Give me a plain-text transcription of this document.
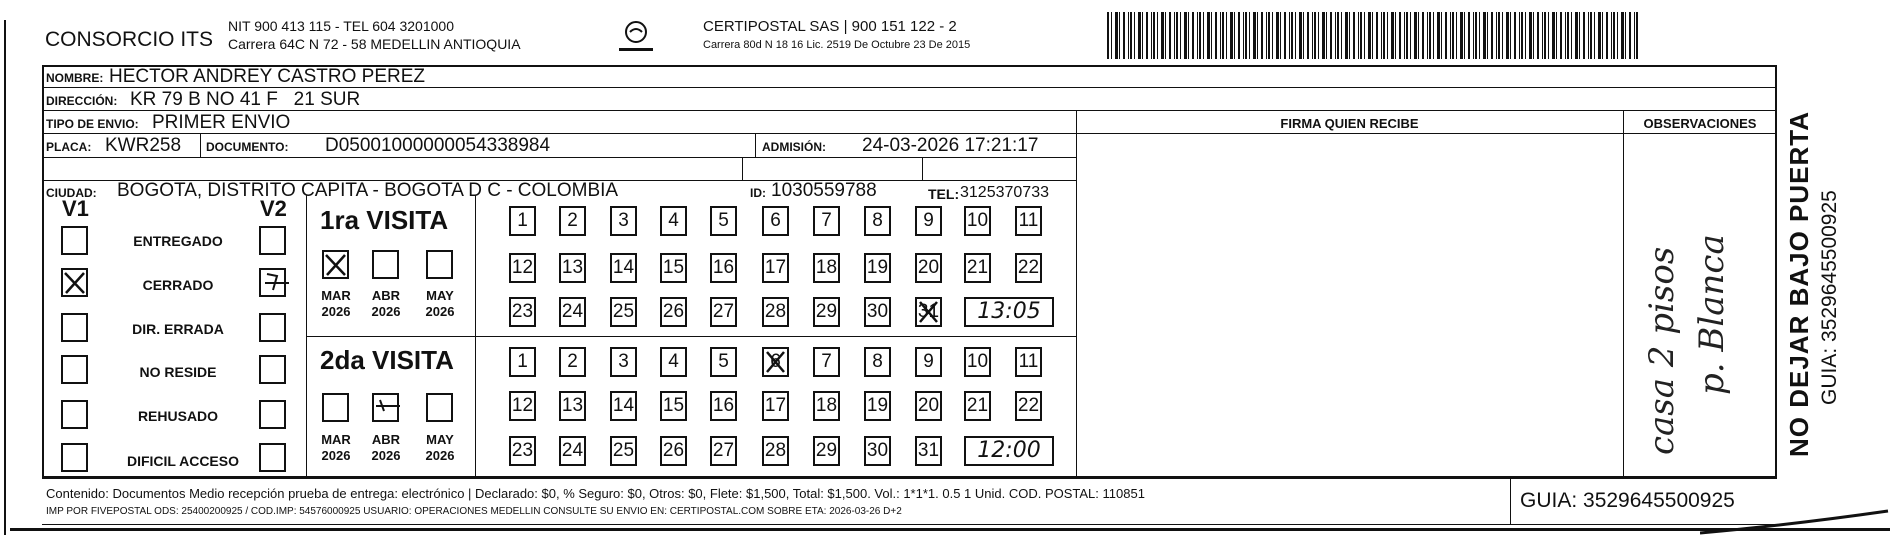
CONSORCIO ITS
NIT 900 413 115 - TEL 604 3201000
Carrera 64C N 72 - 58 MEDELLIN ANTIOQUIA
CERTIPOSTAL SAS | 900 151 122 - 2
Carrera 80d N 18 16 Lic. 2519 De Octubre 23 De 2015
NOMBRE: HECTOR ANDREY CASTRO PEREZ
DIRECCIÓN: KR 79 B NO 41 F   21 SUR
TIPO DE ENVIO: PRIMER ENVIO	FIRMA QUIEN RECIBE	OBSERVACIONES
PLACA: KWR258 DOCUMENTO: D05001000000054338984	ADMISIÓN: 24-03-2026 17:21:17
CIUDAD: BOGOTA, DISTRITO CAPITA - BOGOTA D C - COLOMBIA	ID: 1030559788	TEL: 3125370733
V1	V2
ENTREGADO
CERRADO
DIR. ERRADA
NO RESIDE
REHUSADO
DIFICIL ACCESO
1ra VISITA
MAR
2026
ABR
2026
MAY
2026
1	2	3	4	5	6	7	8	9	10 11
12 13 14 15 16 17 18 19 20 21 22
23 24 25 26 27 28 29 30 31	13:05
2da VISITA
MAR
2026
ABR
2026
MAY
2026
1	2	3	4	5	6	7	8	9	10 11
12 13 14 15 16 17 18 19 20 21 22
23 24 25 26 27 28 29 30 31	12:00	casa 2 pisos p. Blanca
Contenido: Documentos Medio recepción prueba de entrega: electrónico | Declarado: $0, % Seguro: $0, Otros: $0, Flete: $1,500, Total: $1,500. Vol.: 1*1*1. 0.5 1 Unid. COD. POSTAL: 110851
IMP POR FIVEPOSTAL ODS: 25400200925 / COD.IMP: 54576000925 USUARIO: OPERACIONES MEDELLIN CONSULTE SU ENVIO EN: CERTIPOSTAL.COM SOBRE ETA: 2026-03-26 D+2	GUIA: 3529645500925
NO DEJAR BAJO PUERTA GUIA: 3529645500925
